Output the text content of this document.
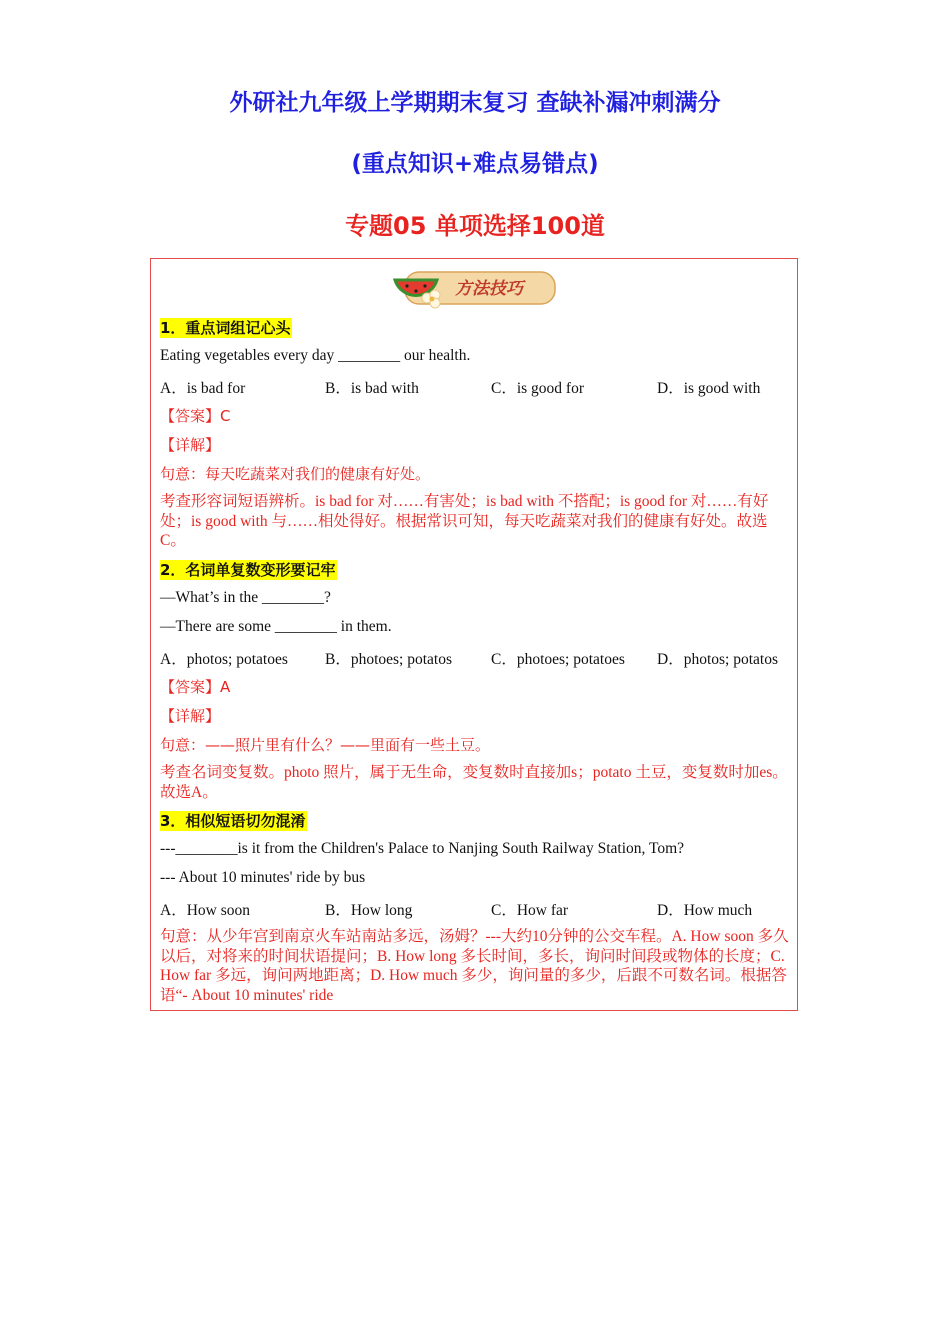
外研社九年级上学期期末复习 查缺补漏冲刺满分
(重点知识+难点易错点)
专题05 单项选择100道
方法技巧
1．重点词组记心头
Eating vegetables every day ________ our health.
A．is bad for	B．is bad with	C．is good for	D．is good with
【答案】C
【详解】
句意：每天吃蔬菜对我们的健康有好处。
考查形容词短语辨析。is bad for 对……有害处；is bad with 不搭配；is good for 对……有好处；is good with 与……相处得好。根据常识可知，每天吃蔬菜对我们的健康有好处。故选C。
2．名词单复数变形要记牢
—What’s in the ________?
—There are some ________ in them.
A．photos; potatoes B．photoes; potatos	C．photoes; potatoes D．photos; potatos
【答案】A
【详解】
句意：——照片里有什么？——里面有一些土豆。
考查名词变复数。photo 照片，属于无生命，变复数时直接加s；potato 土豆，变复数时加es。故选A。
3．相似短语切勿混淆
---________is it from the Children's Palace to Nanjing South Railway Station, Tom?
--- About 10 minutes' ride by bus
A．How soon	B．How long	C．How far	D．How much
句意：从少年宫到南京火车站南站多远，汤姆？---大约10分钟的公交车程。A. How soon 多久以后，对将来的时间状语提问；B. How long 多长时间，多长，询问时间段或物体的长度；C. How far 多远，询问两地距离；D. How much 多少，询问量的多少，后跟不可数名词。根据答语“- About 10 minutes' ride
